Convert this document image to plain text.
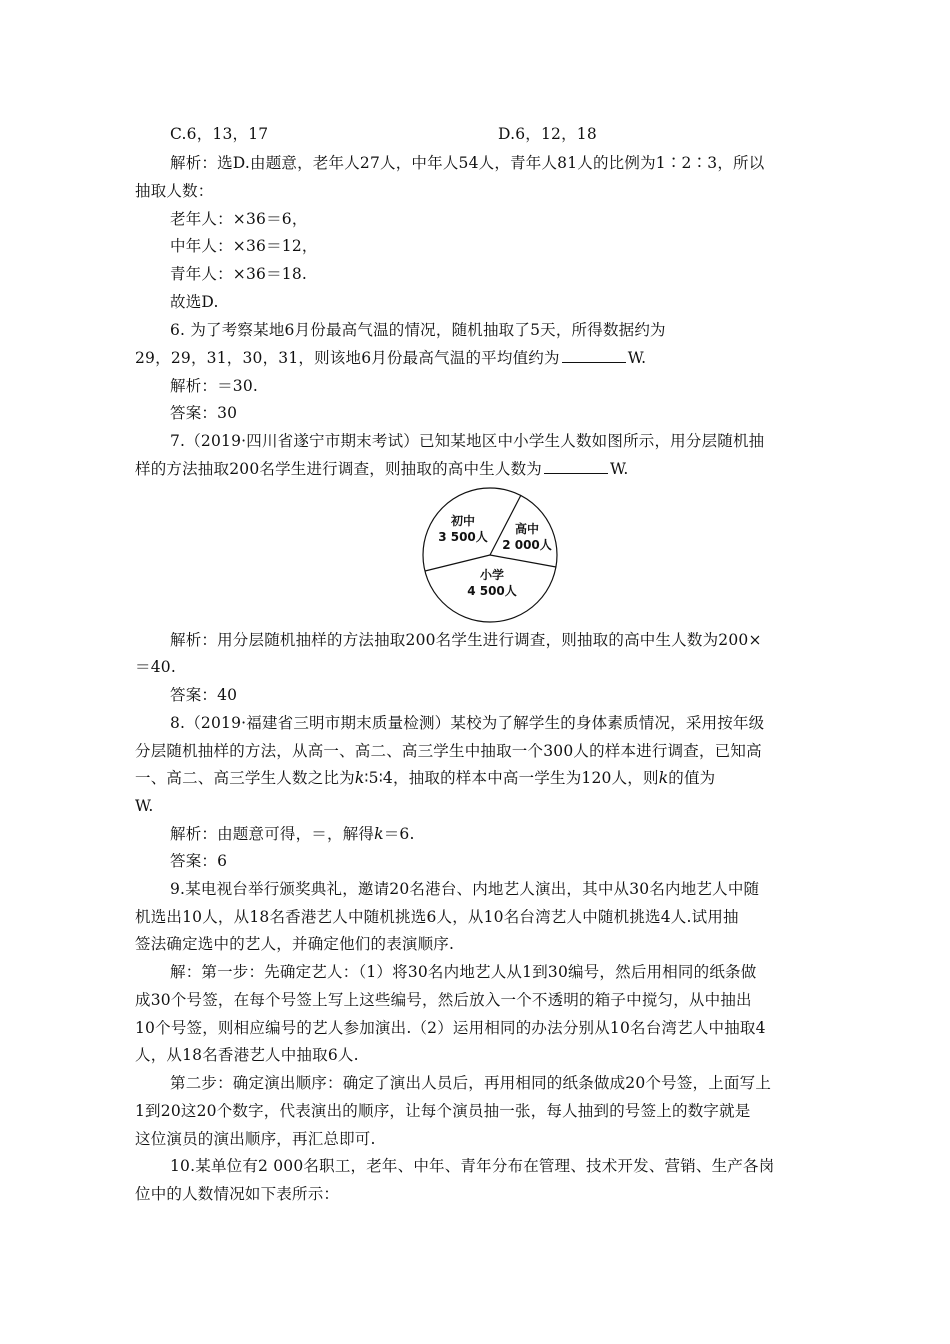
C.6，13，17	D.6，12，18
解析：选D.由题意，老年人27人，中年人54人，青年人81人的比例为1∶2∶3，所以
抽取人数：
老年人：×36＝6，
中年人：×36＝12，
青年人：×36＝18.
故选D.
6. 为了考察某地6月份最高气温的情况，随机抽取了5天，所得数据约为
29，29，31，30，31，则该地6月份最高气温的平均值约为	W.
解析：＝30.
答案：30
7.（2019·四川省遂宁市期末考试）已知某地区中小学生人数如图所示，用分层随机抽
样的方法抽取200名学生进行调查，则抽取的高中生人数为	W.
初中
3 500人
高中
2 000人
小学
4 500人
解析：用分层随机抽样的方法抽取200名学生进行调查，则抽取的高中生人数为200×
＝40.
答案：40
8.（2019·福建省三明市期末质量检测）某校为了解学生的身体素质情况，采用按年级
分层随机抽样的方法，从高一、高二、高三学生中抽取一个300人的样本进行调查，已知高
一、高二、高三学生人数之比为k∶5∶4，抽取的样本中高一学生为120人，则k的值为
W.
解析：由题意可得，＝，解得k＝6.
答案：6
9.某电视台举行颁奖典礼，邀请20名港台、内地艺人演出，其中从30名内地艺人中随
机选出10人，从18名香港艺人中随机挑选6人，从10名台湾艺人中随机挑选4人.试用抽
签法确定选中的艺人，并确定他们的表演顺序.
解：第一步：先确定艺人：（1）将30名内地艺人从1到30编号，然后用相同的纸条做
成30个号签，在每个号签上写上这些编号，然后放入一个不透明的箱子中搅匀，从中抽出
10个号签，则相应编号的艺人参加演出.（2）运用相同的办法分别从10名台湾艺人中抽取4
人，从18名香港艺人中抽取6人.
第二步：确定演出顺序：确定了演出人员后，再用相同的纸条做成20个号签，上面写上
1到20这20个数字，代表演出的顺序，让每个演员抽一张，每人抽到的号签上的数字就是
这位演员的演出顺序，再汇总即可.
10.某单位有2 000名职工，老年、中年、青年分布在管理、技术开发、营销、生产各岗
位中的人数情况如下表所示：
